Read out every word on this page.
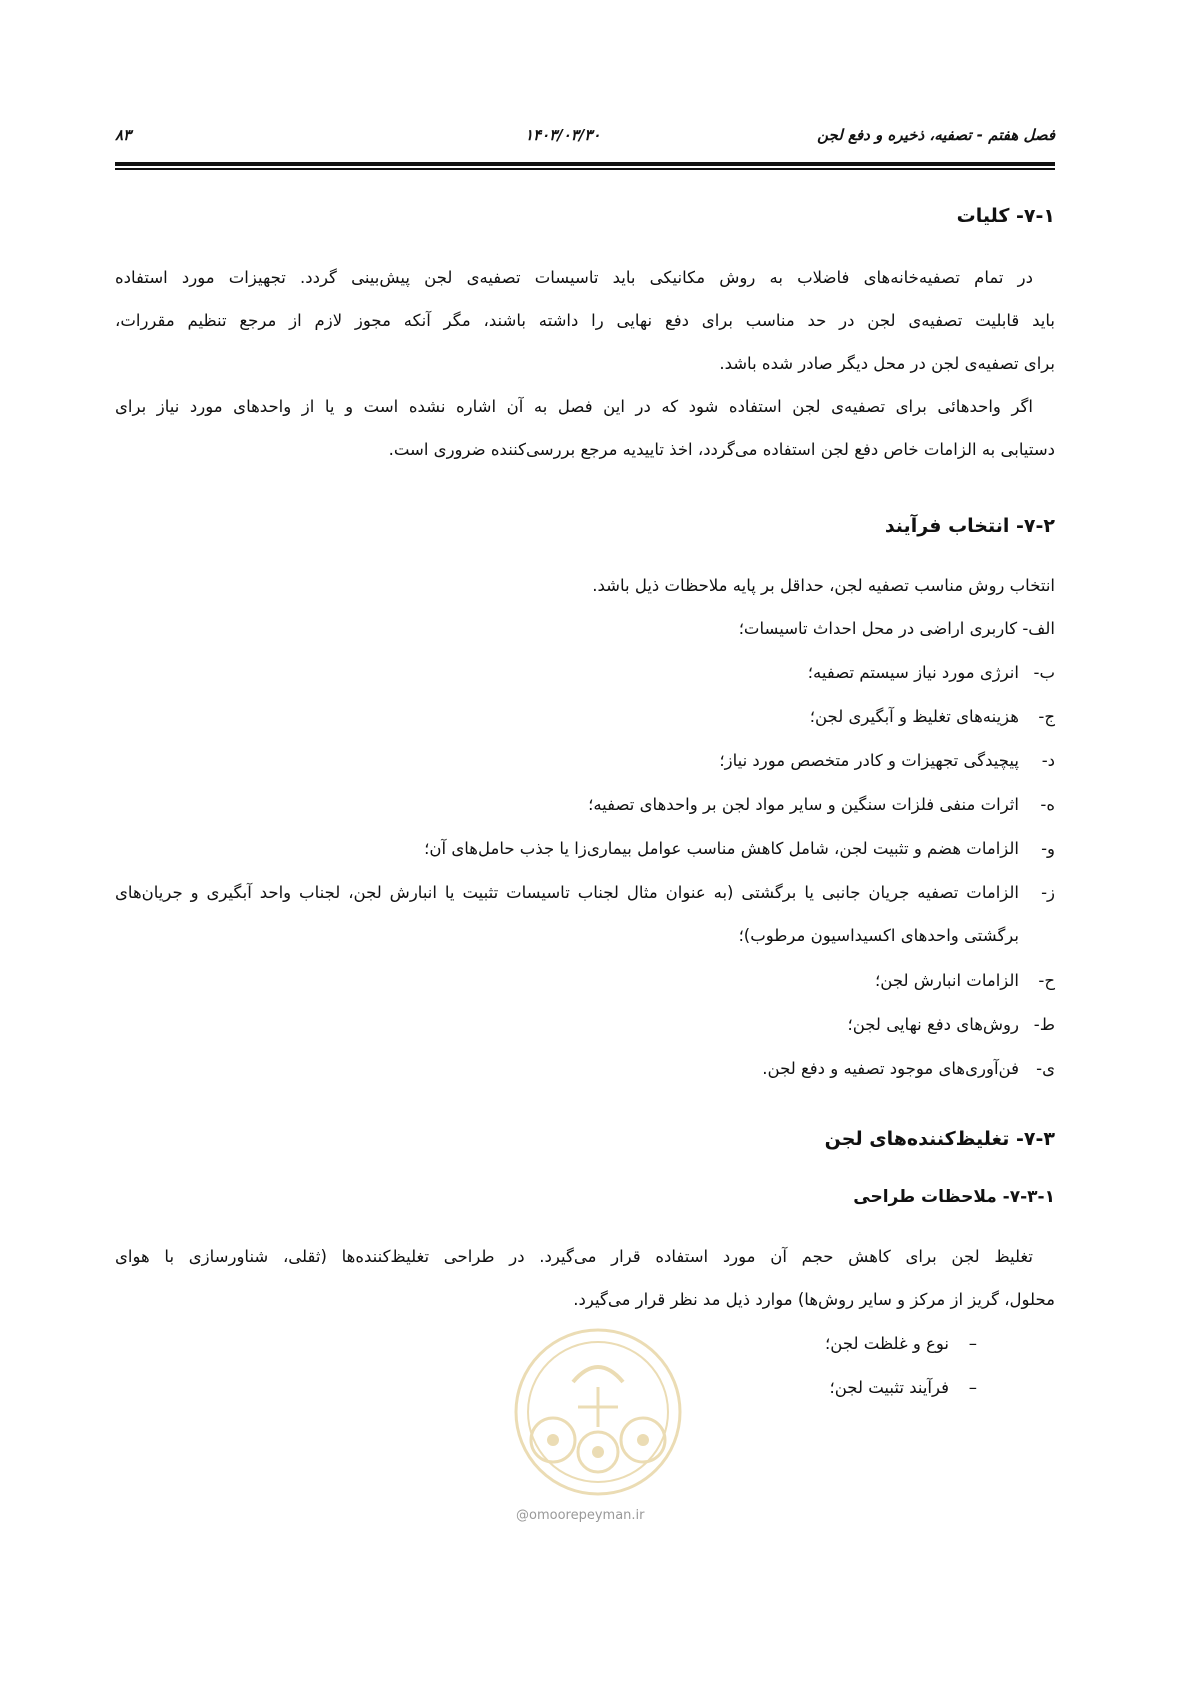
فصل هفتم - تصفیه، ذخیره و دفع لجن
۱۴۰۳/۰۳/۳۰
۸۳
۷-۱- کلیات
در تمام تصفیه‌خانه‌های فاضلاب به روش مکانیکی باید تاسیسات تصفیه‌ی لجن پیش‌بینی گردد. تجهیزات مورد استفاده
باید قابلیت تصفیه‌ی لجن در حد مناسب برای دفع نهایی را داشته باشند، مگر آنکه مجوز لازم از مرجع تنظیم مقررات،
برای تصفیه‌ی لجن در محل دیگر صادر شده باشد.
اگر واحدهائی برای تصفیه‌ی لجن استفاده شود که در این فصل به آن اشاره نشده است و یا از واحدهای مورد نیاز برای
دستیابی به الزامات خاص دفع لجن استفاده می‌گردد، اخذ تاییدیه مرجع بررسی‌کننده ضروری است.
۷-۲- انتخاب فرآیند
انتخاب روش مناسب تصفیه لجن، حداقل بر پایه ملاحظات ذیل باشد.
الف- کاربری اراضی در محل احداث تاسیسات؛
ب-انرژی مورد نیاز سیستم تصفیه؛
ج-هزینه‌های تغلیظ و آبگیری لجن؛
د-پیچیدگی تجهیزات و کادر متخصص مورد نیاز؛
ه-اثرات منفی فلزات سنگین و سایر مواد لجن بر واحدهای تصفیه؛
و-الزامات هضم و تثبیت لجن، شامل کاهش مناسب عوامل بیماری‌زا یا جذب حامل‌های آن؛
ز-
الزامات تصفیه جریان جانبی یا برگشتی (به عنوان مثال لجناب تاسیسات تثبیت یا انبارش لجن، لجناب واحد آبگیری و جریان‌های برگشتی واحدهای اکسیداسیون مرطوب)؛
ح-الزامات انبارش لجن؛
ط-روش‌های دفع نهایی لجن؛
ی-فن‌آوری‌های موجود تصفیه و دفع لجن.
۷-۳- تغلیظ‌کننده‌های لجن
۷-۳-۱- ملاحظات طراحی
تغلیظ لجن برای کاهش حجم آن مورد استفاده قرار می‌گیرد. در طراحی تغلیظ‌کننده‌ها (ثقلی، شناورسازی با هوای
محلول، گریز از مرکز و سایر روش‌ها) موارد ذیل مد نظر قرار می‌گیرد.
–نوع و غلظت لجن؛
–فرآیند تثبیت لجن؛
@omoorepeyman.ir
